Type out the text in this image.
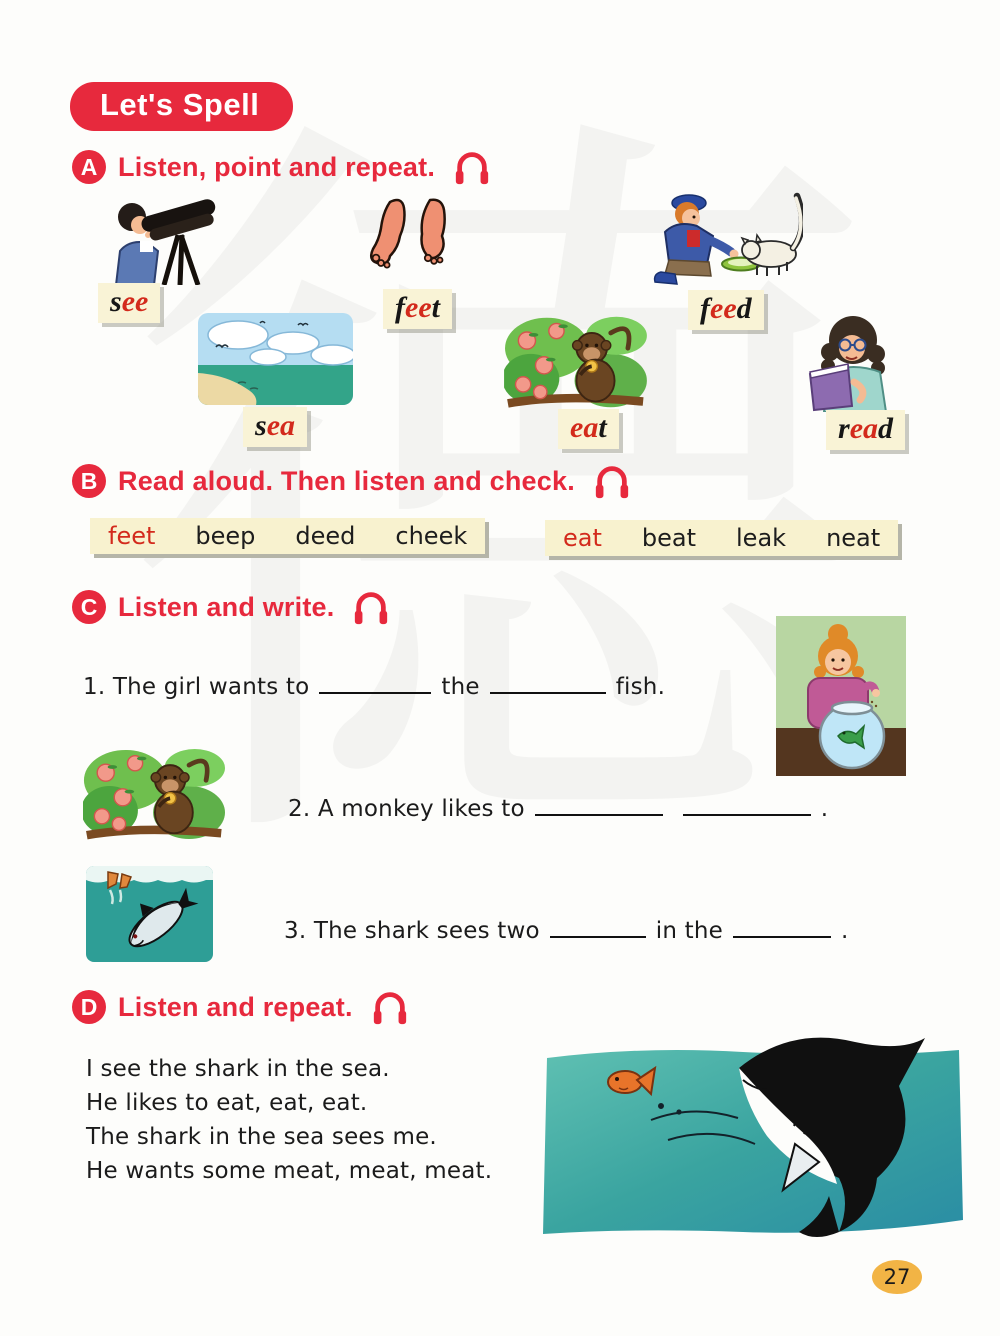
Let's Spell
A Listen, point and repeat.
see	feet	feed
sea	eat	read
B Read aloud. Then listen and check.
feet beep deed cheek	eat beat leak neat
C Listen and write.
1. The girl wants to	the	fish.
2. A monkey likes to	.
3. The shark sees two	in the	.
D Listen and repeat.
I see the shark in the sea.
He likes to eat, eat, eat.
The shark in the sea sees me.
He wants some meat, meat, meat.
27
